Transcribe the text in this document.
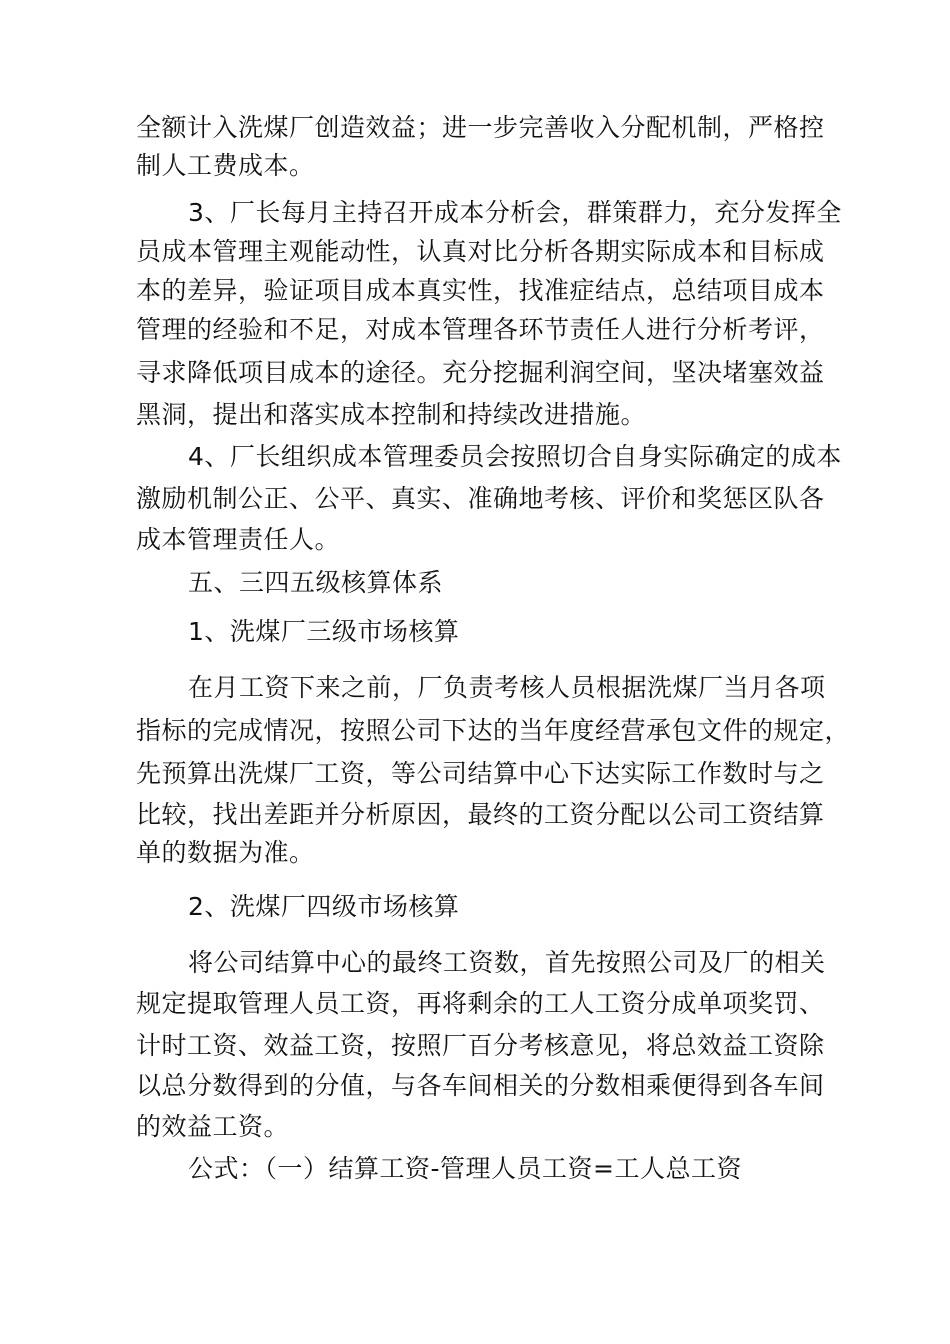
全额计入洗煤厂创造效益；进一步完善收入分配机制，严格控
制人工费成本。
3、厂长每月主持召开成本分析会，群策群力，充分发挥全
员成本管理主观能动性，认真对比分析各期实际成本和目标成
本的差异，验证项目成本真实性，找准症结点，总结项目成本
管理的经验和不足，对成本管理各环节责任人进行分析考评，
寻求降低项目成本的途径。充分挖掘利润空间，坚决堵塞效益
黑洞，提出和落实成本控制和持续改进措施。
4、厂长组织成本管理委员会按照切合自身实际确定的成本
激励机制公正、公平、真实、准确地考核、评价和奖惩区队各
成本管理责任人。
五、三四五级核算体系
1、洗煤厂三级市场核算
在月工资下来之前，厂负责考核人员根据洗煤厂当月各项
指标的完成情况，按照公司下达的当年度经营承包文件的规定，
先预算出洗煤厂工资，等公司结算中心下达实际工作数时与之
比较，找出差距并分析原因，最终的工资分配以公司工资结算
单的数据为准。
2、洗煤厂四级市场核算
将公司结算中心的最终工资数，首先按照公司及厂的相关
规定提取管理人员工资，再将剩余的工人工资分成单项奖罚、
计时工资、效益工资，按照厂百分考核意见，将总效益工资除
以总分数得到的分值，与各车间相关的分数相乘便得到各车间
的效益工资。
公式：（一）结算工资-管理人员工资=工人总工资
